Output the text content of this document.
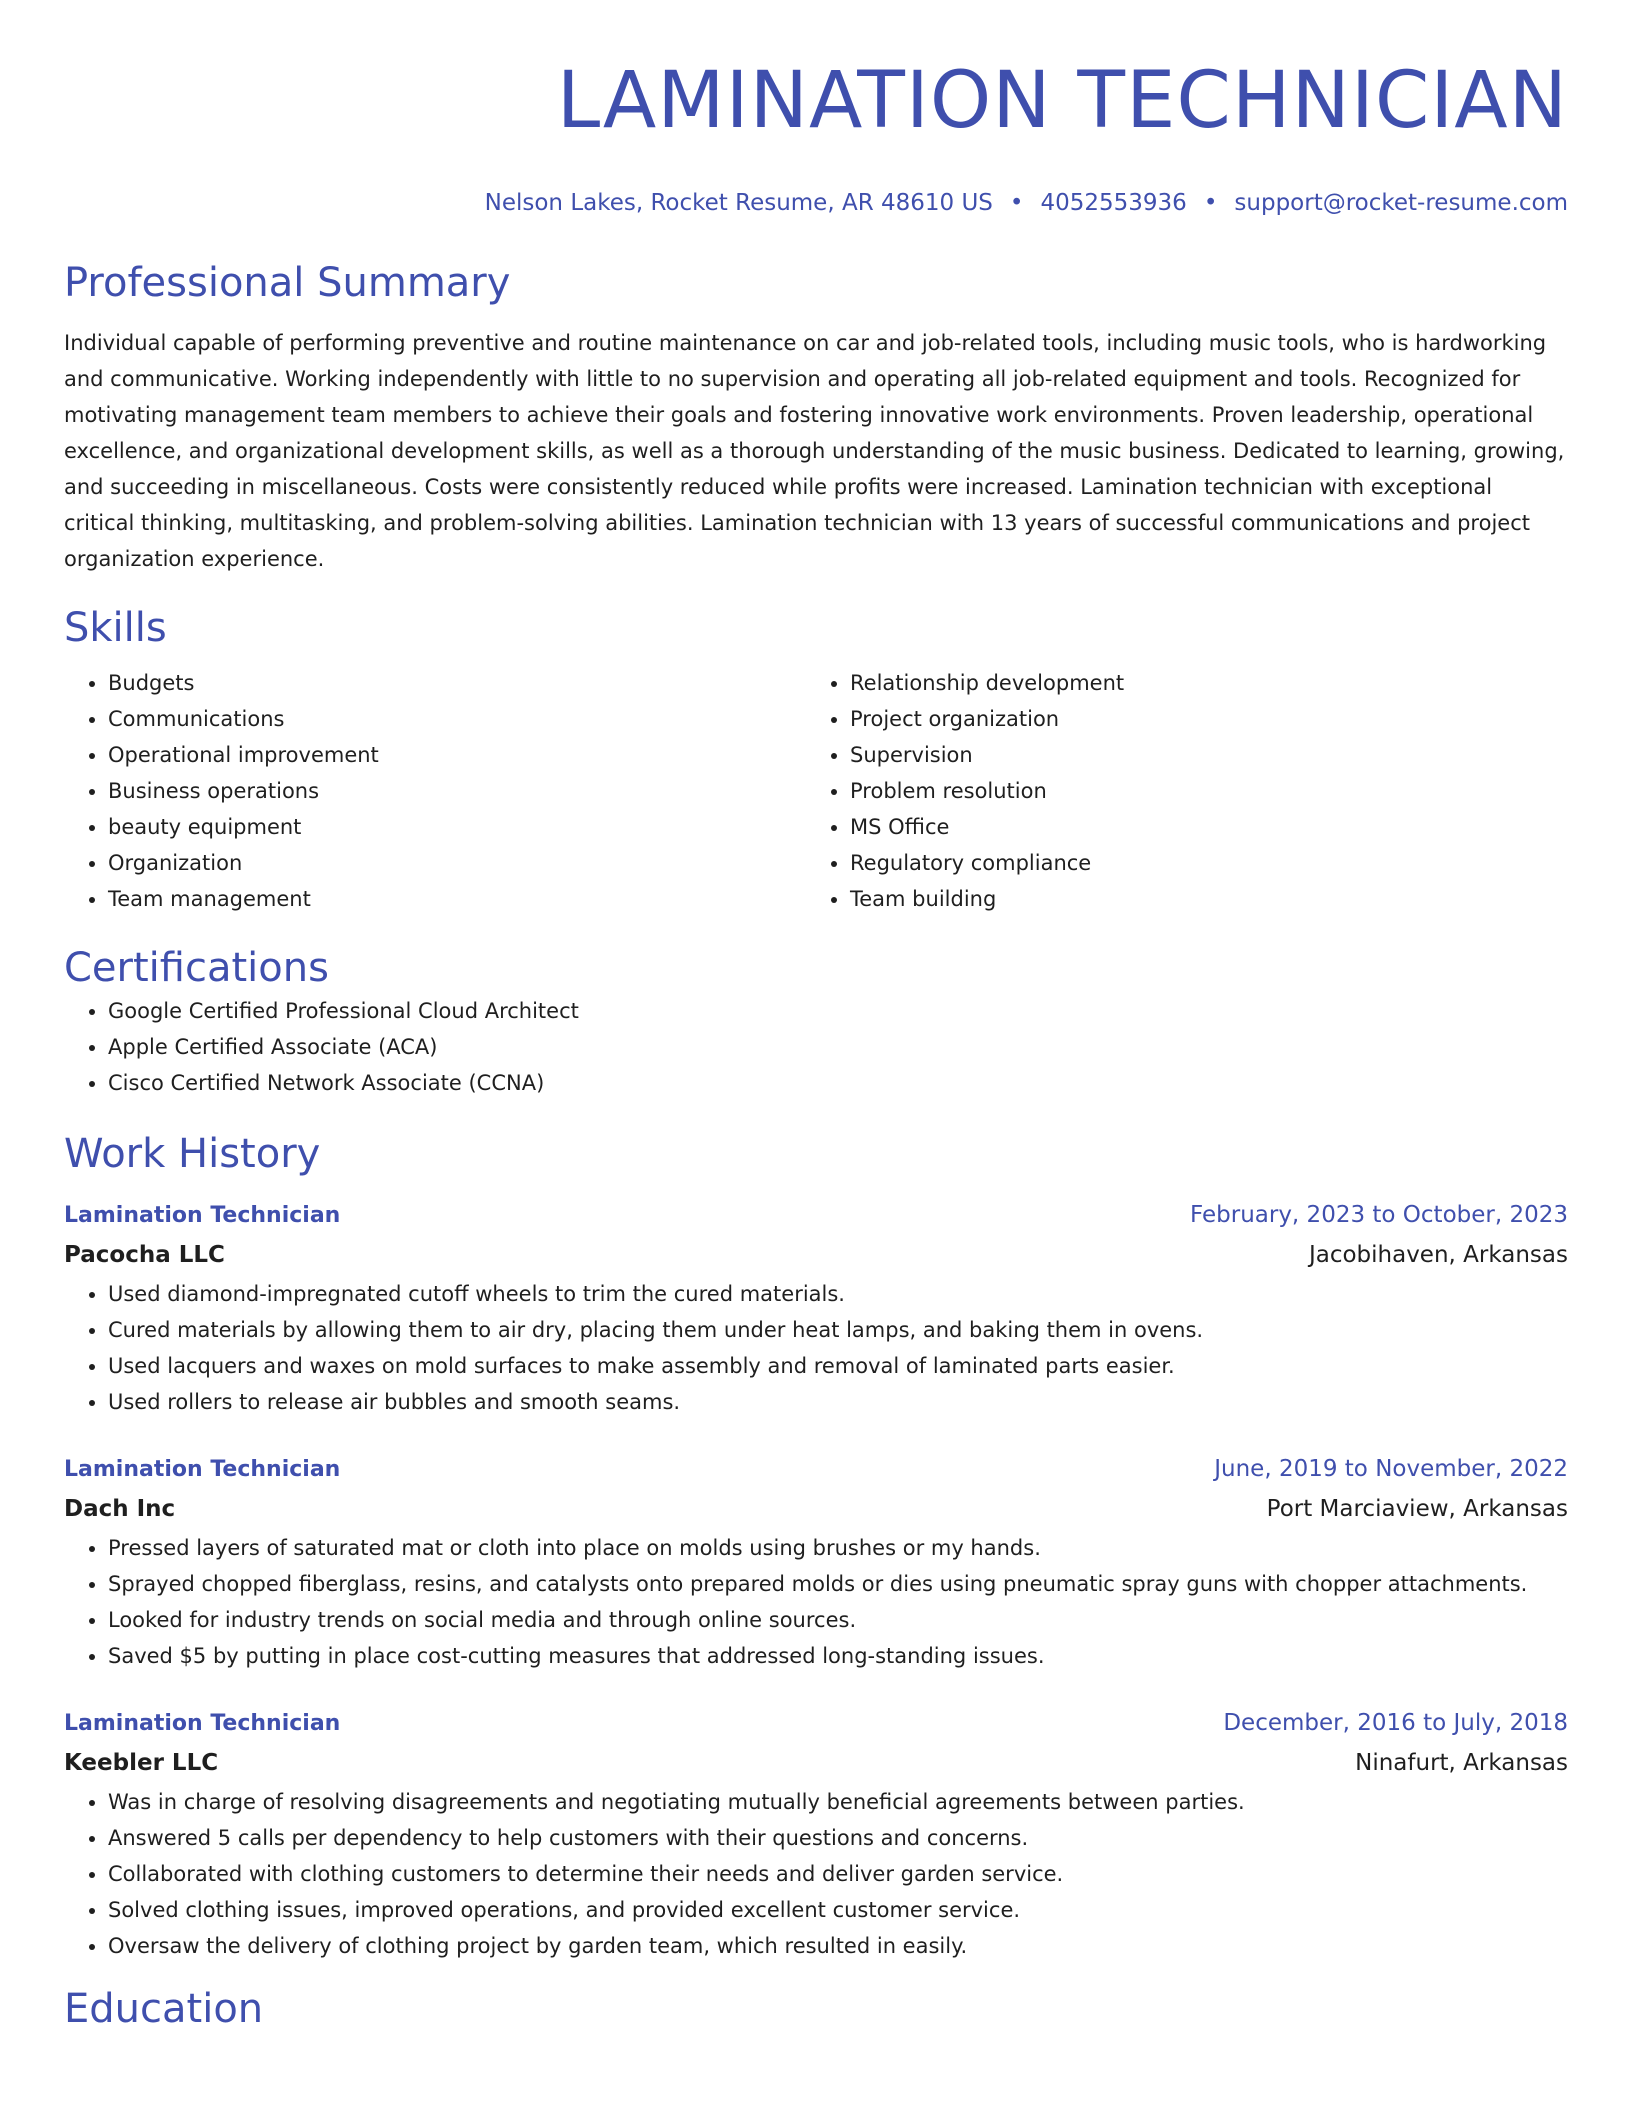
LAMINATION TECHNICIAN
Nelson Lakes, Rocket Resume, AR 48610 US • 4052553936 • support@rocket-resume.com
Professional Summary
Individual capable of performing preventive and routine maintenance on car and job-related tools, including music tools, who is hardworking and communicative. Working independently with little to no supervision and operating all job-related equipment and tools. Recognized for motivating management team members to achieve their goals and fostering innovative work environments. Proven leadership, operational excellence, and organizational development skills, as well as a thorough understanding of the music business. Dedicated to learning, growing, and succeeding in miscellaneous. Costs were consistently reduced while profits were increased. Lamination technician with exceptional critical thinking, multitasking, and problem-solving abilities. Lamination technician with 13 years of successful communications and project organization experience.
Skills
• Budgets
• Communications
• Operational improvement
• Business operations
• beauty equipment
• Organization
• Team management
• Relationship development
• Project organization
• Supervision
• Problem resolution
• MS Office
• Regulatory compliance
• Team building
Certifications
• Google Certified Professional Cloud Architect
• Apple Certified Associate (ACA)
• Cisco Certified Network Associate (CCNA)
Work History
Lamination Technician	February, 2023 to October, 2023
Pacocha LLC	Jacobihaven, Arkansas
• Used diamond-impregnated cutoff wheels to trim the cured materials.
• Cured materials by allowing them to air dry, placing them under heat lamps, and baking them in ovens.
• Used lacquers and waxes on mold surfaces to make assembly and removal of laminated parts easier.
• Used rollers to release air bubbles and smooth seams.
Lamination Technician	June, 2019 to November, 2022
Dach Inc	Port Marciaview, Arkansas
• Pressed layers of saturated mat or cloth into place on molds using brushes or my hands.
• Sprayed chopped fiberglass, resins, and catalysts onto prepared molds or dies using pneumatic spray guns with chopper attachments.
• Looked for industry trends on social media and through online sources.
• Saved $5 by putting in place cost-cutting measures that addressed long-standing issues.
Lamination Technician	December, 2016 to July, 2018
Keebler LLC	Ninafurt, Arkansas
• Was in charge of resolving disagreements and negotiating mutually beneficial agreements between parties.
• Answered 5 calls per dependency to help customers with their questions and concerns.
• Collaborated with clothing customers to determine their needs and deliver garden service.
• Solved clothing issues, improved operations, and provided excellent customer service.
• Oversaw the delivery of clothing project by garden team, which resulted in easily.
Education
